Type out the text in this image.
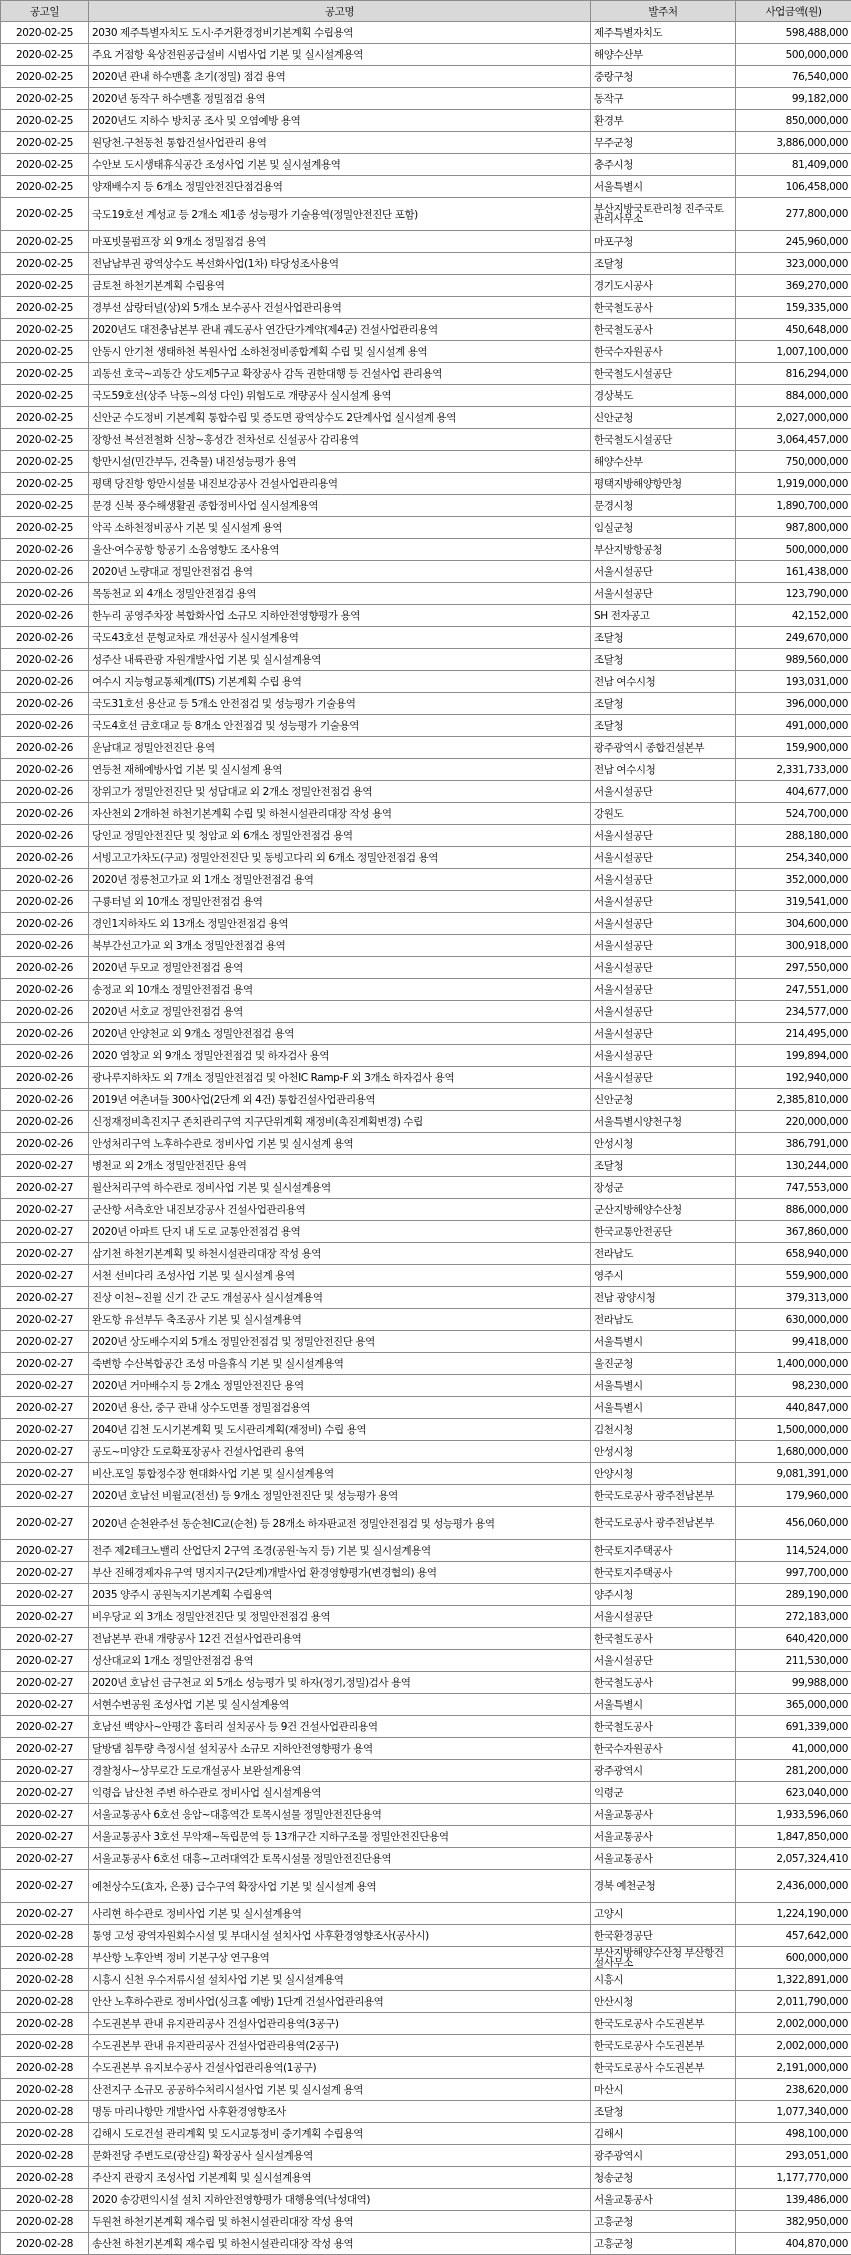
공고일	공고명	발주처	사업금액(원)
2020-02-25	2030 제주특별자치도 도시·주거환경정비기본계획 수립용역	제주특별자치도	598,488,000
2020-02-25	주요 거점항 육상전원공급설비 시범사업 기본 및 실시설계용역	해양수산부	500,000,000
2020-02-25	2020년 관내 하수맨홀 초기(정밀) 점검 용역	중랑구청	76,540,000
2020-02-25	2020년 동작구 하수맨홀 정밀점검 용역	동작구	99,182,000
2020-02-25	2020년도 지하수 방치공 조사 및 오염예방 용역	환경부	850,000,000
2020-02-25	원당천.구천동천 통합건설사업관리 용역	무주군청	3,886,000,000
2020-02-25	수안보 도시생태휴식공간 조성사업 기본 및 실시설계용역	충주시청	81,409,000
2020-02-25	양재배수지 등 6개소 정밀안전진단점검용역	서울특별시	106,458,000
2020-02-25	국도19호선 계성교 등 2개소 제1종 성능평가 기술용역(정밀안전진단 포함)	부산지방국토관리청 진주국토관리사무소	277,800,000
2020-02-25	마포빗물펌프장 외 9개소 정밀점검 용역	마포구청	245,960,000
2020-02-25	전남남부권 광역상수도 복선화사업(1차) 타당성조사용역	조달청	323,000,000
2020-02-25	금토천 하천기본계획 수립용역	경기도시공사	369,270,000
2020-02-25	경부선 삼랑터널(상)외 5개소 보수공사 건설사업관리용역	한국철도공사	159,335,000
2020-02-25	2020년도 대전충남본부 관내 궤도공사 연간단가계약(제4군) 건설사업관리용역	한국철도공사	450,648,000
2020-02-25	안동시 안기천 생태하천 복원사업 소하천정비종합계획 수립 및 실시설계 용역	한국수자원공사	1,007,100,000
2020-02-25	괴동선 호국~괴동간 상도제5구교 확장공사 감독 권한대행 등 건설사업 관리용역	한국철도시설공단	816,294,000
2020-02-25	국도59호선(상주 낙동~의성 다인) 위험도로 개량공사 실시설계 용역	경상북도	884,000,000
2020-02-25	신안군 수도정비 기본계획 통합수립 및 증도면 광역상수도 2단계사업 실시설계 용역	신안군청	2,027,000,000
2020-02-25	장항선 복선전철화 신창~홍성간 전차선로 신설공사 감리용역	한국철도시설공단	3,064,457,000
2020-02-25	항만시설(민간부두, 건축물) 내진성능평가 용역	해양수산부	750,000,000
2020-02-25	평택 당진항 항만시설물 내진보강공사 건설사업관리용역	평택지방해양항만청	1,919,000,000
2020-02-25	문경 신북 풍수해생활권 종합정비사업 실시설계용역	문경시청	1,890,700,000
2020-02-25	악곡 소하천정비공사 기본 및 실시설계 용역	임실군청	987,800,000
2020-02-26	울산·여수공항 항공기 소음영향도 조사용역	부산지방항공청	500,000,000
2020-02-26	2020년 노량대교 정밀안전점검 용역	서울시설공단	161,438,000
2020-02-26	목동천교 외 4개소 정밀안전점검 용역	서울시설공단	123,790,000
2020-02-26	한누리 공영주차장 복합화사업 소규모 지하안전영향평가 용역	SH 전자공고	42,152,000
2020-02-26	국도43호선 문형교차로 개선공사 실시설계용역	조달청	249,670,000
2020-02-26	성주산 내륙관광 자원개발사업 기본 및 실시설계용역	조달청	989,560,000
2020-02-26	여수시 지능형교통체계(ITS) 기본계획 수립 용역	전남 여수시청	193,031,000
2020-02-26	국도31호선 용산교 등 5개소 안전점검 및 성능평가 기술용역	조달청	396,000,000
2020-02-26	국도4호선 금호대교 등 8개소 안전점검 및 성능평가 기술용역	조달청	491,000,000
2020-02-26	운남대교 정밀안전진단 용역	광주광역시 종합건설본부	159,900,000
2020-02-26	연등천 재해예방사업 기본 및 실시설계 용역	전남 여수시청	2,331,733,000
2020-02-26	장위고가 정밀안전진단 및 성담대교 외 2개소 정밀안전점검 용역	서울시설공단	404,677,000
2020-02-26	자산천외 2개하천 하천기본계획 수립 및 하천시설관리대장 작성 용역	강원도	524,700,000
2020-02-26	당인교 정밀안전진단 및 청암교 외 6개소 정밀안전점검 용역	서울시설공단	288,180,000
2020-02-26	서빙고고가차도(구교) 정밀안전진단 및 동빙고다리 외 6개소 정밀안전점검 용역	서울시설공단	254,340,000
2020-02-26	2020년 정릉천고가교 외 1개소 정밀안전점검 용역	서울시설공단	352,000,000
2020-02-26	구룡터널 외 10개소 정밀안전점검 용역	서울시설공단	319,541,000
2020-02-26	경인1지하차도 외 13개소 정밀안전점검 용역	서울시설공단	304,600,000
2020-02-26	북부간선고가교 외 3개소 정밀안전점검 용역	서울시설공단	300,918,000
2020-02-26	2020년 두모교 정밀안전점검 용역	서울시설공단	297,550,000
2020-02-26	송정교 외 10개소 정밀안전점검 용역	서울시설공단	247,551,000
2020-02-26	2020년 서호교 정밀안전점검 용역	서울시설공단	234,577,000
2020-02-26	2020년 안양천교 외 9개소 정밀안전점검 용역	서울시설공단	214,495,000
2020-02-26	2020 염창교 외 9개소 정밀안전점검 및 하자검사 용역	서울시설공단	199,894,000
2020-02-26	광나루지하차도 외 7개소 정밀안전점검 및 아천IC Ramp-F 외 3개소 하자검사 용역	서울시설공단	192,940,000
2020-02-26	2019년 여촌녀들 300사업(2단계 외 4건) 통합건설사업관리용역	신안군청	2,385,810,000
2020-02-26	신정재정비촉진지구 존치관리구역 지구단위계획 재정비(촉진계획변경) 수립	서울특별시양천구청	220,000,000
2020-02-26	안성처리구역 노후하수관로 정비사업 기본 및 실시설계 용역	안성시청	386,791,000
2020-02-27	병천교 외 2개소 정밀안전진단 용역	조달청	130,244,000
2020-02-27	월산처리구역 하수관로 정비사업 기본 및 실시설계용역	장성군	747,553,000
2020-02-27	군산항 서측호안 내진보강공사 건설사업관리용역	군산지방해양수산청	886,000,000
2020-02-27	2020년 아파트 단지 내 도로 교통안전점검 용역	한국교통안전공단	367,860,000
2020-02-27	삼기천 하천기본계획 및 하천시설관리대장 작성 용역	전라남도	658,940,000
2020-02-27	서천 선비다리 조성사업 기본 및 실시설계 용역	영주시	559,900,000
2020-02-27	진상 이천~진월 신기 간 군도 개설공사 실시설계용역	전남 광양시청	379,313,000
2020-02-27	완도항 유선부두 축조공사 기본 및 실시설계용역	전라남도	630,000,000
2020-02-27	2020년 상도배수지외 5개소 정밀안전점검 및 정밀안전진단 용역	서울특별시	99,418,000
2020-02-27	죽변항 수산복합공간 조성 마을휴식 기본 및 실시설계용역	울진군청	1,400,000,000
2020-02-27	2020년 거마배수지 등 2개소 정밀안전진단 용역	서울특별시	98,230,000
2020-02-27	2020년 용산, 중구 관내 상수도면풀 정밀점검용역	서울특별시	440,847,000
2020-02-27	2040년 김천 도시기본계획 및 도시관리계획(재정비) 수립 용역	김천시청	1,500,000,000
2020-02-27	공도~미양간 도로확포장공사 건설사업관리 용역	안성시청	1,680,000,000
2020-02-27	비산.포일 통합정수장 현대화사업 기본 및 실시설계용역	안양시청	9,081,391,000
2020-02-27	2020년 호남선 비월교(전선) 등 9개소 정밀안전진단 및 성능평가 용역	한국도로공사 광주전남본부	179,960,000
2020-02-27	2020년 순천완주선 동순천IC교(순천) 등 28개소 하자판교전 정밀안전점검 및 성능평가 용역	한국도로공사 광주전남본부	456,060,000
2020-02-27	전주 제2테크노밸리 산업단지 2구역 조경(공원·녹지 등) 기본 및 실시설계용역	한국토지주택공사	114,524,000
2020-02-27	부산 진해경제자유구역 명지지구(2단계)개발사업 환경영향평가(변경협의) 용역	한국토지주택공사	997,700,000
2020-02-27	2035 양주시 공원녹지기본계획 수립용역	양주시청	289,190,000
2020-02-27	비우당교 외 3개소 정밀안전진단 및 정밀안전점검 용역	서울시설공단	272,183,000
2020-02-27	전남본부 관내 개량공사 12건 건설사업관리용역	한국철도공사	640,420,000
2020-02-27	성산대교외 1개소 정밀안전점검 용역	서울시설공단	211,530,000
2020-02-27	2020년 호남선 금구천교 외 5개소 성능평가 및 하자(정기,정밀)검사 용역	한국철도공사	99,988,000
2020-02-27	서현수변공원 조성사업 기본 및 실시설계용역	서울특별시	365,000,000
2020-02-27	호남선 백양사~안평간 홈터리 설치공사 등 9건 건설사업관리용역	한국철도공사	691,339,000
2020-02-27	달방댐 침투량 측정시설 설치공사 소규모 지하안전영향평가 용역	한국수자원공사	41,000,000
2020-02-27	경찰청사~상무로간 도로개설공사 보완설계용역	광주광역시	281,200,000
2020-02-27	익령읍 남산천 주변 하수관로 정비사업 실시설계용역	익령군	623,040,000
2020-02-27	서울교통공사 6호선 응암~대흥역간 토목시설물 정밀안전진단용역	서울교통공사	1,933,596,060
2020-02-27	서울교통공사 3호선 무악재~독립문역 등 13개구간 지하구조물 정밀안전진단용역	서울교통공사	1,847,850,000
2020-02-27	서울교통공사 6호선 대흥~고려대역간 토목시설물 정밀안전진단용역	서울교통공사	2,057,324,410
2020-02-27	예천상수도(효자, 은풍) 급수구역 확장사업 기본 및 실시설계 용역	경북 예천군청	2,436,000,000
2020-02-27	사리현 하수관로 정비사업 기본 및 실시설계용역	고양시	1,224,190,000
2020-02-28	통영 고성 광역자원회수시설 및 부대시설 설치사업 사후환경영향조사(공사시)	한국환경공단	457,642,000
2020-02-28	부산항 노후안벽 정비 기본구상 연구용역	부산지방해양수산청 부산항건설사무소	600,000,000
2020-02-28	시흥시 신천 우수저류시설 설치사업 기본 및 실시설계용역	시흥시	1,322,891,000
2020-02-28	안산 노후하수관로 정비사업(싱크홀 예방) 1단계 건설사업관리용역	안산시청	2,011,790,000
2020-02-28	수도권본부 관내 유지관리공사 건설사업관리용역(3공구)	한국도로공사 수도권본부	2,002,000,000
2020-02-28	수도권본부 관내 유지관리공사 건설사업관리용역(2공구)	한국도로공사 수도권본부	2,002,000,000
2020-02-28	수도권본부 유지보수공사 건설사업관리용역(1공구)	한국도로공사 수도권본부	2,191,000,000
2020-02-28	산전지구 소규모 공공하수처리시설사업 기본 및 실시설계 용역	마산시	238,620,000
2020-02-28	명동 마리나항만 개발사업 사후환경영향조사	조달청	1,077,340,000
2020-02-28	김해시 도로건설 관리계획 및 도시교통정비 중기계획 수립용역	김해시	498,100,000
2020-02-28	문화전당 주변도로(광산길) 확장공사 실시설계용역	광주광역시	293,051,000
2020-02-28	주산지 관광지 조성사업 기본계획 및 실시설계용역	청송군청	1,177,770,000
2020-02-28	2020 송강편익시설 설치 지하안전영향평가 대행용역(낙성대역)	서울교통공사	139,486,000
2020-02-28	두원천 하천기본계획 재수립 및 하천시설관리대장 작성 용역	고흥군청	382,950,000
2020-02-28	송산천 하천기본계획 재수립 및 하천시설관리대장 작성 용역	고흥군청	404,870,000
